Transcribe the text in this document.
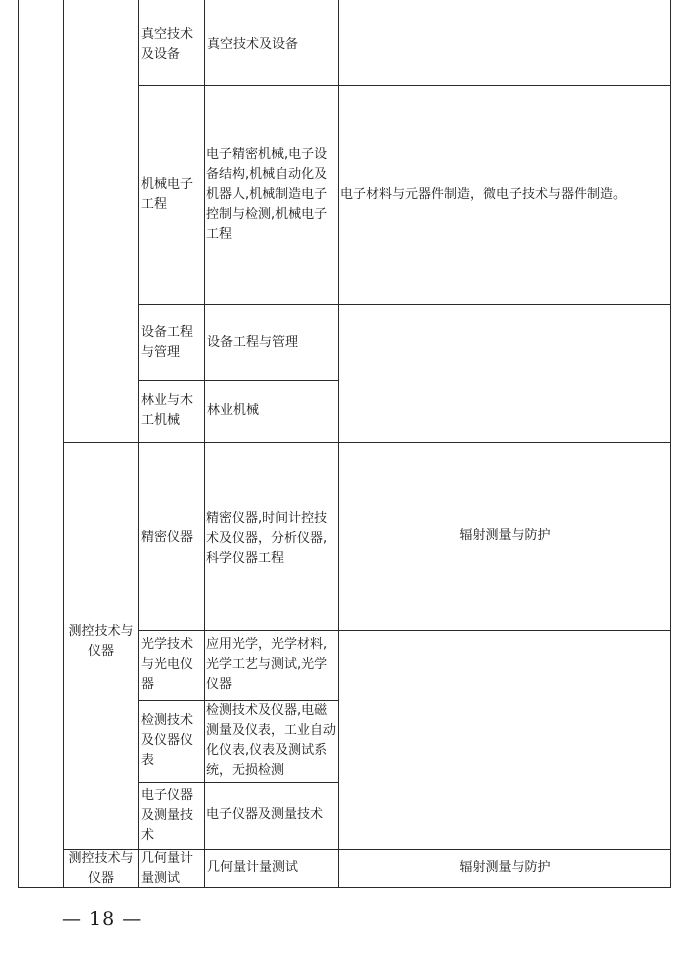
真空技术及设备
真空技术及设备
机械电子工程
电子精密机械,电子设备结构,机械自动化及机器人,机械制造电子控制与检测,机械电子工程
电子材料与元器件制造，微电子技术与器件制造。
设备工程与管理
设备工程与管理
林业与木工机械
林业机械
测控技术与仪器
精密仪器
精密仪器,时间计控技术及仪器，分析仪器,科学仪器工程
辐射测量与防护
光学技术与光电仪器
应用光学，光学材料,光学工艺与测试,光学仪器
检测技术及仪器仪表
检测技术及仪器,电磁测量及仪表，工业自动化仪表,仪表及测试系统，无损检测
电子仪器及测量技术
电子仪器及测量技术
测控技术与仪器
几何量计量测试
几何量计量测试	辐射测量与防护
— 18 —
